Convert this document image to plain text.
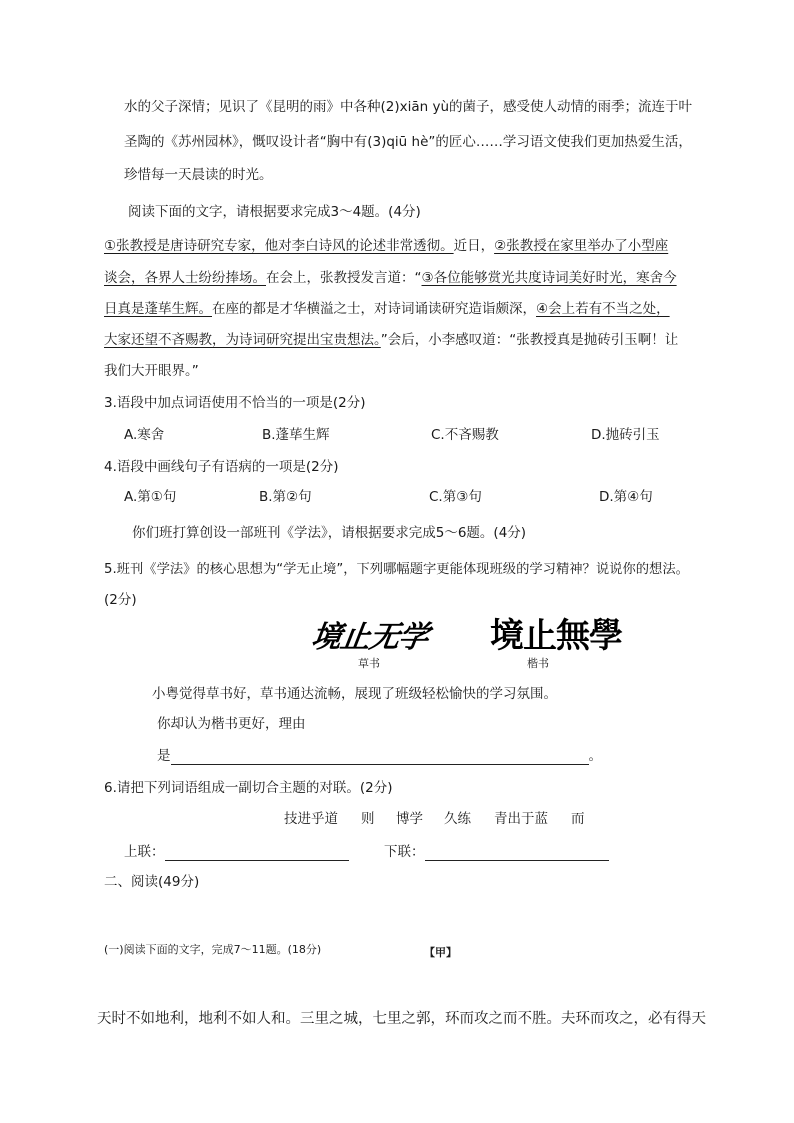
水的父子深情；见识了《昆明的雨》中各种(2)xiān yù的菌子，感受使人动情的雨季；流连于叶
圣陶的《苏州园林》，慨叹设计者“胸中有(3)qiū hè”的匠心……学习语文使我们更加热爱生活，
珍惜每一天晨读的时光。
阅读下面的文字，请根据要求完成3～4题。(4分)
①张教授是唐诗研究专家，他对李白诗风的论述非常透彻。近日，②张教授在家里举办了小型座
谈会，各界人士纷纷捧场。在会上，张教授发言道：“③各位能够赏光共度诗词美好时光，寒舍今
日真是蓬荜生辉。在座的都是才华横溢之士，对诗词诵读研究造诣颇深，④会上若有不当之处，
大家还望不吝赐教，为诗词研究提出宝贵想法。”会后，小李感叹道：“张教授真是抛砖引玉啊！让
我们大开眼界。”
3.语段中加点词语使用不恰当的一项是(2分)
A.寒舍	B.蓬荜生辉	C.不吝赐教	D.抛砖引玉
4.语段中画线句子有语病的一项是(2分)
A.第①句	B.第②句	C.第③句	D.第④句
你们班打算创设一部班刊《学法》，请根据要求完成5～6题。(4分)
5.班刊《学法》的核心思想为“学无止境”，下列哪幅题字更能体现班级的学习精神？说说你的想法。
(2分)
境止无学 境止無學
草书	楷书
小粤觉得草书好，草书通达流畅，展现了班级轻松愉快的学习氛围。
你却认为楷书更好，理由
是	。
6.请把下列词语组成一副切合主题的对联。(2分)
技进乎道 则 博学 久练 青出于蓝 而
上联：	下联：
二、阅读(49分)
(一)阅读下面的文字，完成7～11题。(18分)	【甲】
天时不如地利，地利不如人和。三里之城，七里之郭，环而攻之而不胜。夫环而攻之，必有得天
